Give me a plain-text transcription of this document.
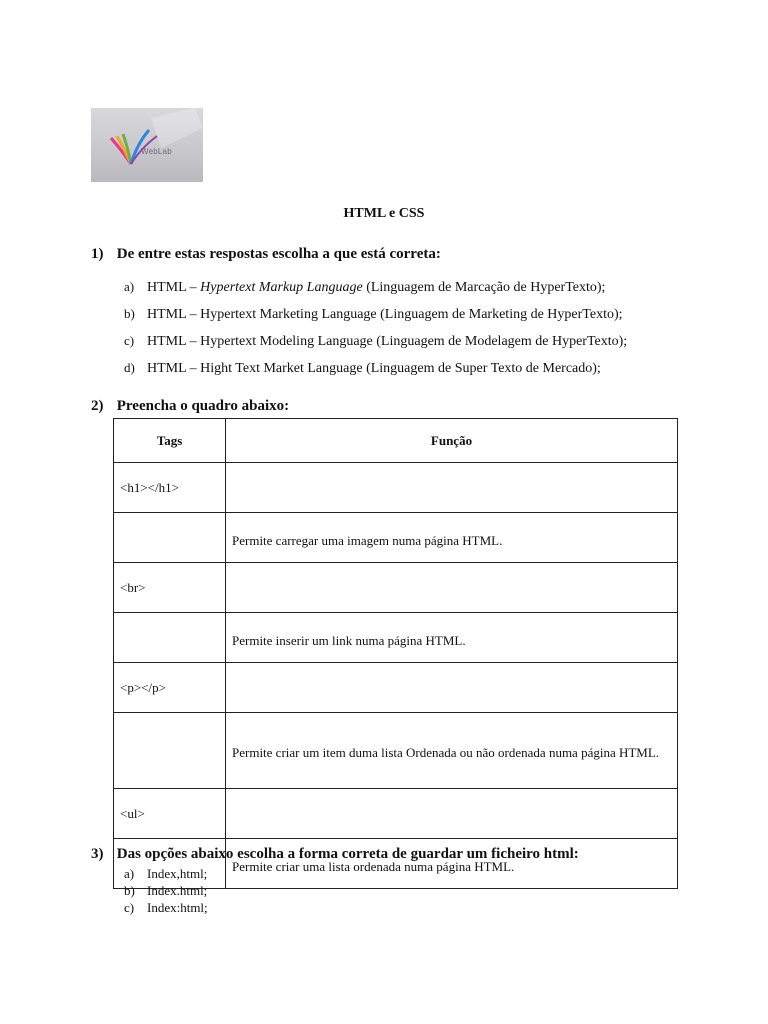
WebLab
HTML e CSS
1) De entre estas respostas escolha a que está correta:
a) HTML – Hypertext Markup Language (Linguagem de Marcação de HyperTexto);
b) HTML – Hypertext Marketing Language (Linguagem de Marketing de HyperTexto);
c) HTML – Hypertext Modeling Language (Linguagem de Modelagem de HyperTexto);
d) HTML – Hight Text Market Language (Linguagem de Super Texto de Mercado);
2) Preencha o quadro abaixo:
Tags	Função
<h1></h1>	
	Permite carregar uma imagem numa página HTML.
<br>	
	Permite inserir um link numa página HTML.
<p></p>	
	Permite criar um item duma lista Ordenada ou não ordenada numa página HTML.
<ul>	
	Permite criar uma lista ordenada numa página HTML.
3) Das opções abaixo escolha a forma correta de guardar um ficheiro html:
a) Index,html;
b) Index.html;
c) Index:html;
